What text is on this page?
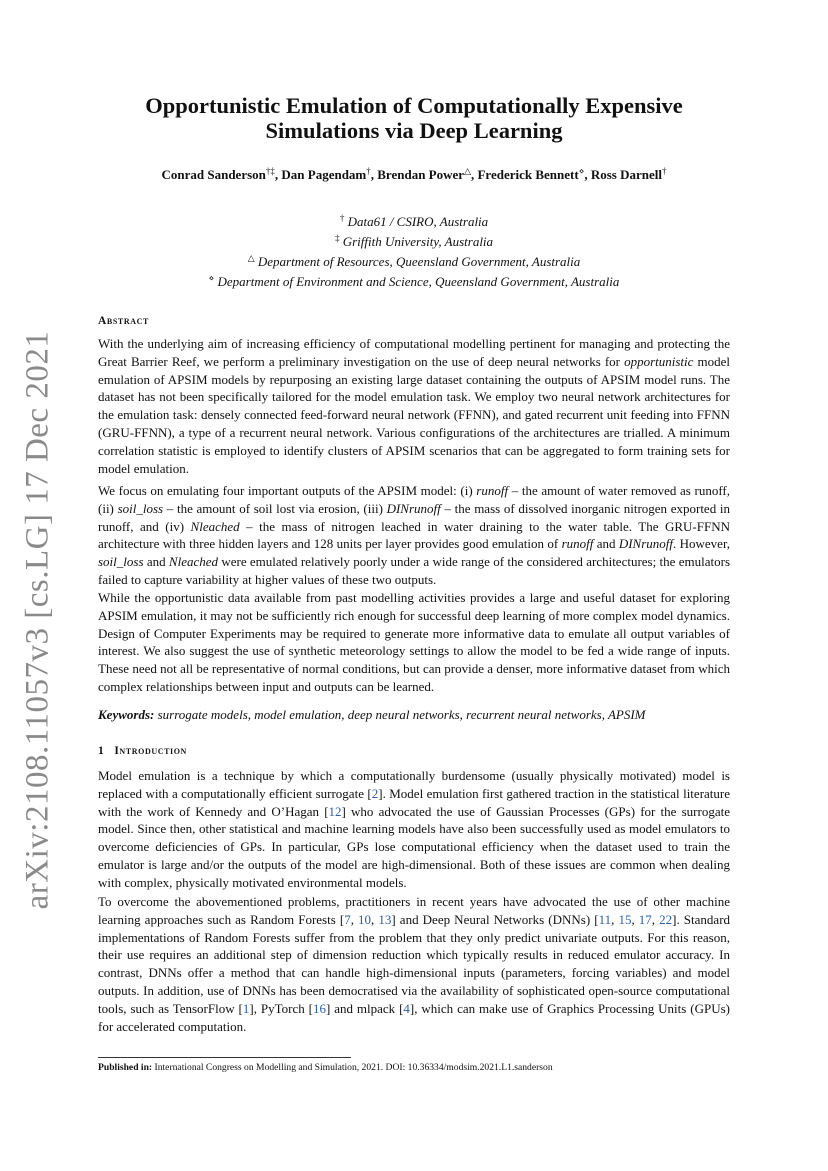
arXiv:2108.11057v3 [cs.LG] 17 Dec 2021
Opportunistic Emulation of Computationally Expensive
Simulations via Deep Learning
Conrad Sanderson†‡, Dan Pagendam†, Brendan Power△, Frederick Bennett⋄, Ross Darnell†
† Data61 / CSIRO, Australia
‡ Griffith University, Australia
△ Department of Resources, Queensland Government, Australia
⋄ Department of Environment and Science, Queensland Government, Australia
Abstract
With the underlying aim of increasing efficiency of computational modelling pertinent for managing and protecting the Great Barrier Reef, we perform a preliminary investigation on the use of deep neural networks for opportunistic model emulation of APSIM models by repurposing an existing large dataset containing the outputs of APSIM model runs. The dataset has not been specifically tailored for the model emulation task. We employ two neural network architectures for the emulation task: densely connected feed-forward neural network (FFNN), and gated recurrent unit feeding into FFNN (GRU-FFNN), a type of a recurrent neural network. Various configurations of the architectures are trialled. A minimum correlation statistic is employed to identify clusters of APSIM scenarios that can be aggregated to form training sets for model emulation.
We focus on emulating four important outputs of the APSIM model: (i) runoff – the amount of water removed as runoff, (ii) soil_loss – the amount of soil lost via erosion, (iii) DINrunoff – the mass of dissolved inorganic nitrogen exported in runoff, and (iv) Nleached – the mass of nitrogen leached in water draining to the water table. The GRU-FFNN architecture with three hidden layers and 128 units per layer provides good emulation of runoff and DINrunoff. However, soil_loss and Nleached were emulated relatively poorly under a wide range of the considered architectures; the emulators failed to capture variability at higher values of these two outputs.
While the opportunistic data available from past modelling activities provides a large and useful dataset for exploring APSIM emulation, it may not be sufficiently rich enough for successful deep learning of more complex model dynamics. Design of Computer Experiments may be required to generate more informative data to emulate all output variables of interest. We also suggest the use of synthetic meteorology settings to allow the model to be fed a wide range of inputs. These need not all be representative of normal conditions, but can provide a denser, more informative dataset from which complex relationships between input and outputs can be learned.
Keywords: surrogate models, model emulation, deep neural networks, recurrent neural networks, APSIM
1 Introduction
Model emulation is a technique by which a computationally burdensome (usually physically motivated) model is replaced with a computationally efficient surrogate [2]. Model emulation first gathered traction in the statistical literature with the work of Kennedy and O’Hagan [12] who advocated the use of Gaussian Processes (GPs) for the surrogate model. Since then, other statistical and machine learning models have also been successfully used as model emulators to overcome deficiencies of GPs. In particular, GPs lose computational efficiency when the dataset used to train the emulator is large and/or the outputs of the model are high-dimensional. Both of these issues are common when dealing with complex, physically motivated environmental models.
To overcome the abovementioned problems, practitioners in recent years have advocated the use of other machine learning approaches such as Random Forests [7, 10, 13] and Deep Neural Networks (DNNs) [11, 15, 17, 22]. Standard implementations of Random Forests suffer from the problem that they only predict univariate outputs. For this reason, their use requires an additional step of dimension reduction which typically results in reduced emulator accuracy. In contrast, DNNs offer a method that can handle high-dimensional inputs (parameters, forcing variables) and model outputs. In addition, use of DNNs has been democratised via the availability of sophisticated open-source computational tools, such as TensorFlow [1], PyTorch [16] and mlpack [4], which can make use of Graphics Processing Units (GPUs) for accelerated computation.
Published in: International Congress on Modelling and Simulation, 2021. DOI: 10.36334/modsim.2021.L1.sanderson
